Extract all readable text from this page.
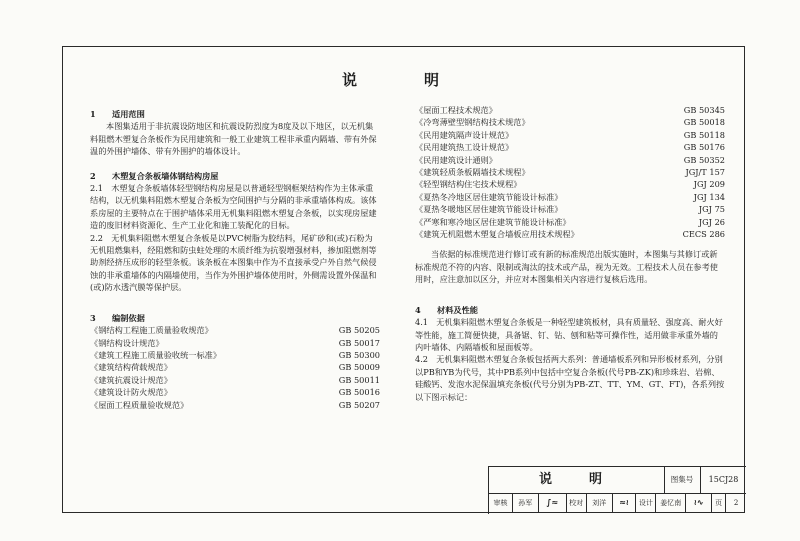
说　明
1 适用范围

本图集适用于非抗震设防地区和抗震设防烈度为8度及以下地区，以无机集料阻燃木塑复合条板作为民用建筑和一般工业建筑工程非承重内隔墙、带有外保温的外围护墙体、带有外围护的墙体设计。

2 木塑复合条板墙体钢结构房屋

2.1　木塑复合条板墙体轻型钢结构房屋是以普通轻型钢框架结构作为主体承重结构，以无机集料阻燃木塑复合条板为空间围护与分隔的非承重墙体构成。该体系房屋的主要特点在于围护墙体采用无机集料阻燃木塑复合条板，以实现房屋建造的废旧材料资源化、生产工业化和施工装配化的目标。

2.2　无机集料阻燃木塑复合条板是以PVC树脂为胶结料，尾矿砂和(或)石粉为无机阻燃集料，经阻燃和防虫蛀处理的木质纤维为抗裂增强材料，掺加阻燃剂等助剂经挤压成形的轻型条板。该条板在本图集中作为不直接承受户外自然气候侵蚀的非承重墙体的内隔墙使用，当作为外围护墙体使用时，外侧需设置外保温和(或)防水透汽膜等保护层。

3 编制依据
《钢结构工程施工质量验收规范》	GB 50205
《钢结构设计规范》	GB 50017
《建筑工程施工质量验收统一标准》	GB 50300
《建筑结构荷载规范》	GB 50009
《建筑抗震设计规范》	GB 50011
《建筑设计防火规范》	GB 50016
《屋面工程质量验收规范》	GB 50207
《屋面工程技术规范》	GB 50345
《冷弯薄壁型钢结构技术规范》	GB 50018
《民用建筑隔声设计规范》	GB 50118
《民用建筑热工设计规范》	GB 50176
《民用建筑设计通则》	GB 50352
《建筑轻质条板隔墙技术规程》	JGJ/T 157
《轻型钢结构住宅技术规程》	JGJ 209
《夏热冬冷地区居住建筑节能设计标准》	JGJ 134
《夏热冬暖地区居住建筑节能设计标准》	JGJ 75
《严寒和寒冷地区居住建筑节能设计标准》	JGJ 26
《建筑无机阻燃木塑复合墙板应用技术规程》	CECS 286

当依据的标准规范进行修订或有新的标准规范出版实施时，本图集与其修订或新标准规范不符的内容、限制或淘汰的技术或产品，视为无效。工程技术人员在参考使用时，应注意加以区分，并应对本图集相关内容进行复核后选用。

4 材料及性能

4.1　无机集料阻燃木塑复合条板是一种轻型建筑板材，具有质量轻、强度高、耐火好等性能，施工简便快捷，具备锯、钉、钻、刨和粘等可操作性，适用做非承重外墙的内叶墙体、内隔墙板和屋面板等。

4.2　无机集料阻燃木塑复合条板包括两大系列：普通墙板系列和异形板材系列，分别以PB和YB为代号，其中PB系列中包括中空复合条板(代号PB-ZK)和珍珠岩、岩棉、硅酸钙、发泡水泥保温填充条板(代号分别为PB-ZT、TT、YM、GT、FT)，各系列按以下图示标记：

说　明	图集号	15CJ28
审核	孙军	∫≈	校对	刘洋	≈≀	设计	姜忆南	≀∿	页	2
